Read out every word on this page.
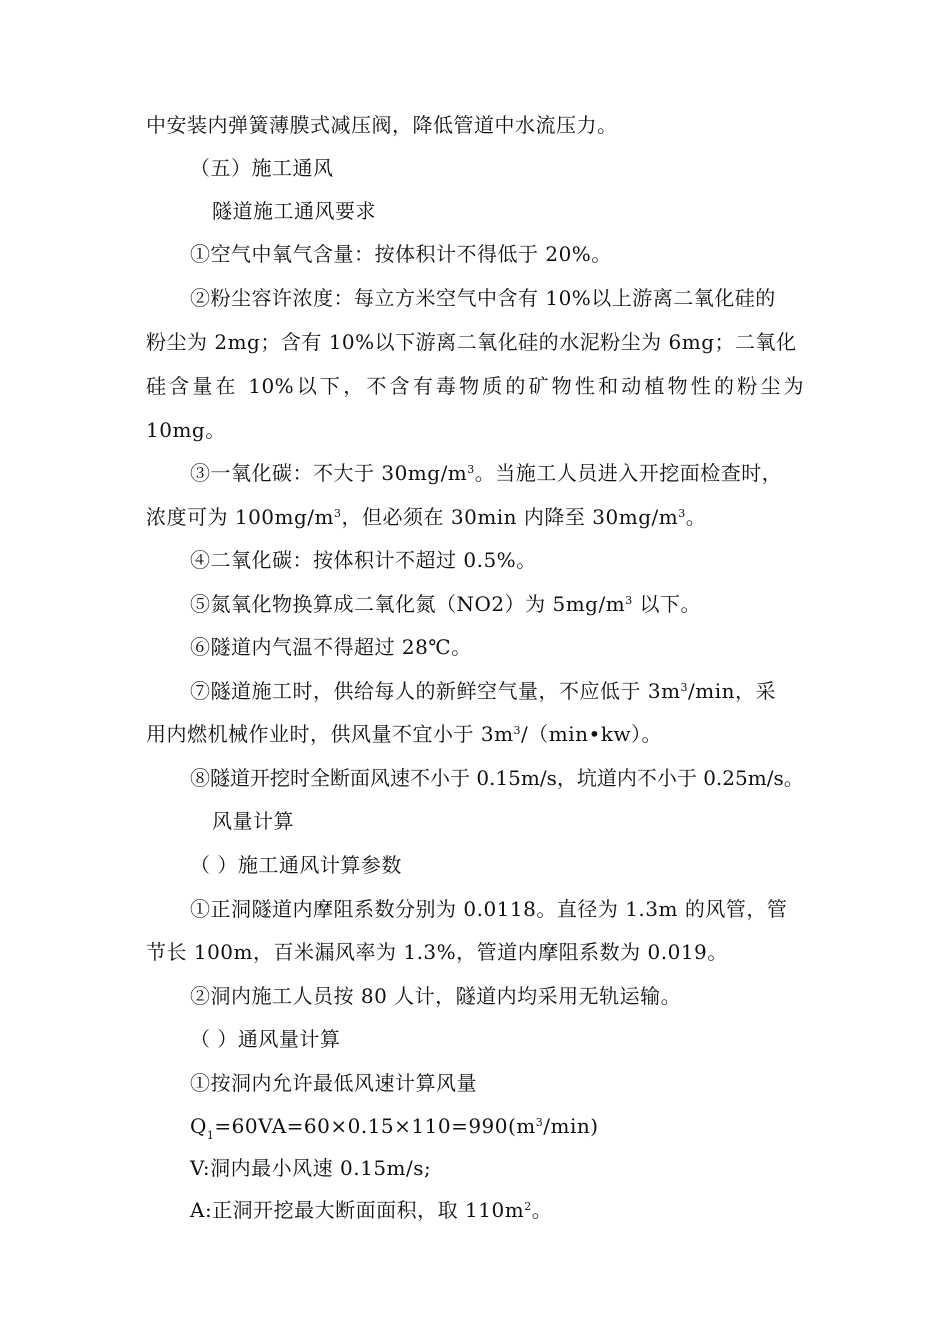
中安装内弹簧薄膜式减压阀，降低管道中水流压力。

（五）施工通风

隧道施工通风要求

①空气中氧气含量：按体积计不得低于 20%。

②粉尘容许浓度：每立方米空气中含有 10%以上游离二氧化硅的

粉尘为 2mg；含有 10%以下游离二氧化硅的水泥粉尘为 6mg；二氧化

硅含量在 10%以下，不含有毒物质的矿物性和动植物性的粉尘为

10mg。

③一氧化碳：不大于 $30mg/m^3$。当施工人员进入开挖面检查时，

浓度可为 $100mg/m^3$，但必须在 30min 内降至 $30mg/m^3$。

④二氧化碳：按体积计不超过 0.5%。

⑤氮氧化物换算成二氧化氮（NO2）为 $5mg/m^3$ 以下。

⑥隧道内气温不得超过 28℃。

⑦隧道施工时，供给每人的新鲜空气量，不应低于 $3m^3/\min$，采

用内燃机械作业时，供风量不宜小于 $3m^3/(\min•kw)$。

⑧隧道开挖时全断面风速不小于 0.15m/s，坑道内不小于 0.25m/s。

风量计算

（ ）施工通风计算参数

①正洞隧道内摩阻系数分别为 0.0118。直径为 1.3m 的风管，管

节长 100m，百米漏风率为 1.3%，管道内摩阻系数为 0.019。

②洞内施工人员按 80 人计，隧道内均采用无轨运输。

（ ）通风量计算

①按洞内允许最低风速计算风量

$Q_1=60VA=60\times 0.15\times 110=990(m^3/\min)$

V:洞内最小风速 0.15m/s;

A:正洞开挖最大断面面积，取 $110m^2$。
